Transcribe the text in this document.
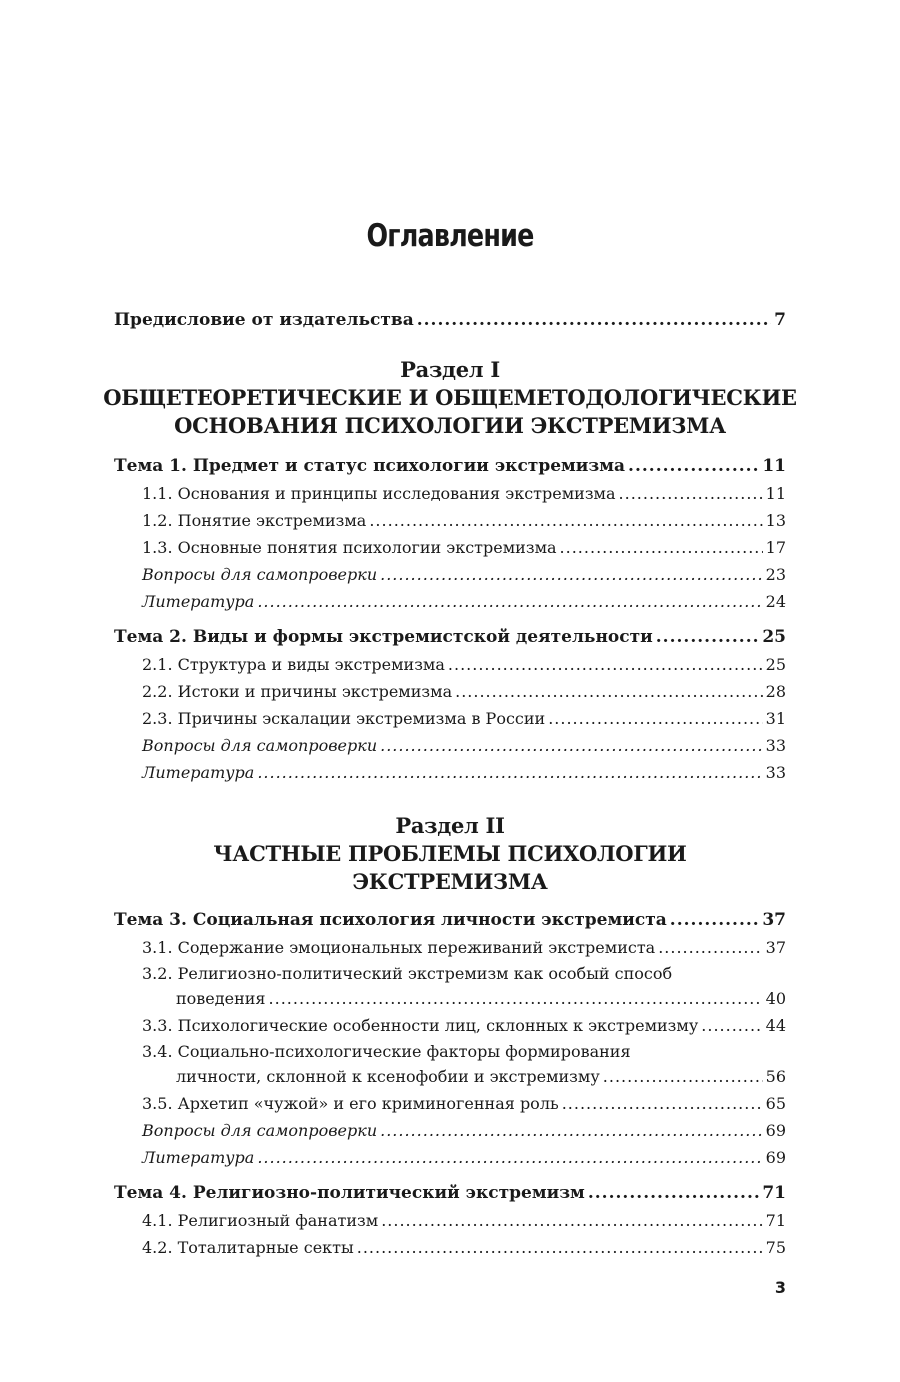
Оглавление
Предисловие от издательства .....	7
Раздел I
ОБЩЕТЕОРЕТИЧЕСКИЕ И ОБЩЕМЕТОДОЛОГИЧЕСКИЕ
ОСНОВАНИЯ ПСИХОЛОГИИ ЭКСТРЕМИЗМА
Тема 1. Предмет и статус психологии экстремизма .....	11
1.1. Основания и принципы исследования экстремизма .....	11
1.2. Понятие экстремизма .....	13
1.3. Основные понятия психологии экстремизма .....	17
Вопросы для самопроверки .....	23
Литература .....	24
Тема 2. Виды и формы экстремистской деятельности .....	25
2.1. Структура и виды экстремизма .....	25
2.2. Истоки и причины экстремизма .....	28
2.3. Причины эскалации экстремизма в России .....	31
Вопросы для самопроверки .....	33
Литература .....	33
Раздел II
ЧАСТНЫЕ ПРОБЛЕМЫ ПСИХОЛОГИИ
ЭКСТРЕМИЗМА
Тема 3. Социальная психология личности экстремиста .....	37
3.1. Содержание эмоциональных переживаний экстремиста .....	37
3.2. Религиозно-политический экстремизм как особый способ
поведения .....	40
3.3. Психологические особенности лиц, склонных к экстремизму .....	44
3.4. Социально-психологические факторы формирования
личности, склонной к ксенофобии и экстремизму .....	56
3.5. Архетип «чужой» и его криминогенная роль .....	65
Вопросы для самопроверки .....	69
Литература .....	69
Тема 4. Религиозно-политический экстремизм .....	71
4.1. Религиозный фанатизм .....	71
4.2. Тоталитарные секты .....	75
3
